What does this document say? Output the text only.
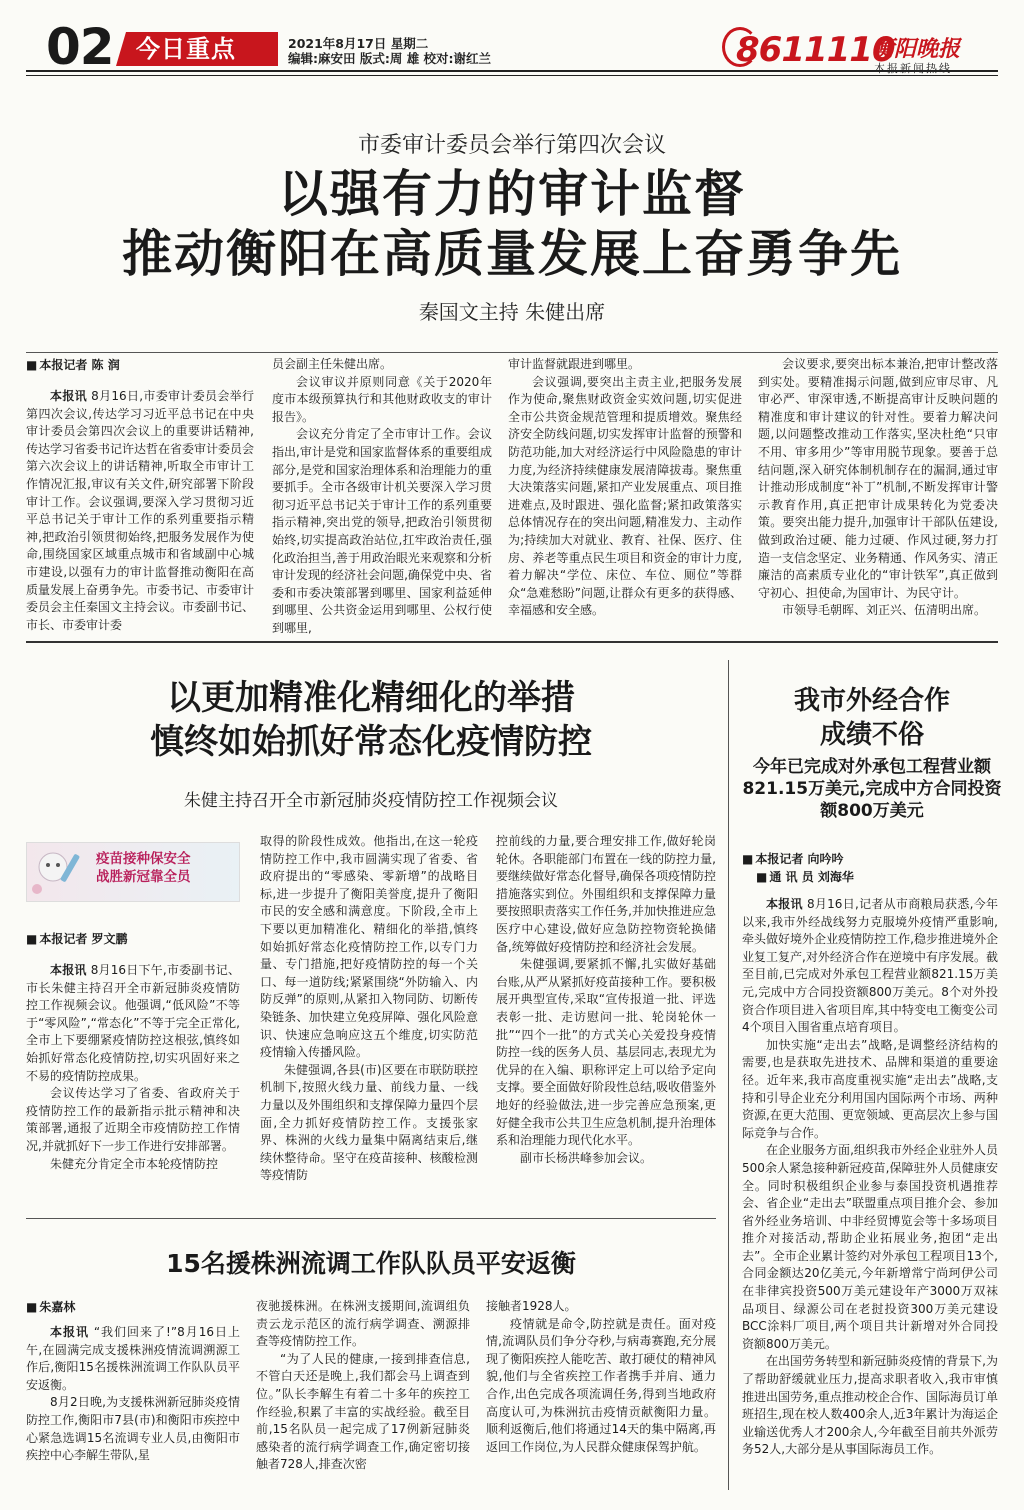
02 今日重点	2021年8月17日 星期二
编辑:麻安田 版式:周 雄 校对:谢红兰	8611110
衡阳晚报
本报新闻热线
市委审计委员会举行第四次会议
以强有力的审计监督
推动衡阳在高质量发展上奋勇争先
秦国文主持 朱健出席
■ 本报记者 陈 润

本报讯 8月16日,市委审计委员会举行第四次会议,传达学习习近平总书记在中央审计委员会第四次会议上的重要讲话精神,传达学习省委书记许达哲在省委审计委员会第六次会议上的讲话精神,听取全市审计工作情况汇报,审议有关文件,研究部署下阶段审计工作。会议强调,要深入学习贯彻习近平总书记关于审计工作的系列重要指示精神,把政治引领贯彻始终,把服务发展作为使命,围绕国家区域重点城市和省域副中心城市建设,以强有力的审计监督推动衡阳在高质量发展上奋勇争先。市委书记、市委审计委员会主任秦国文主持会议。市委副书记、市长、市委审计委

员会副主任朱健出席。

会议审议并原则同意《关于2020年度市本级预算执行和其他财政收支的审计报告》。

会议充分肯定了全市审计工作。会议指出,审计是党和国家监督体系的重要组成部分,是党和国家治理体系和治理能力的重要抓手。全市各级审计机关要深入学习贯彻习近平总书记关于审计工作的系列重要指示精神,突出党的领导,把政治引领贯彻始终,切实提高政治站位,扛牢政治责任,强化政治担当,善于用政治眼光来观察和分析审计发现的经济社会问题,确保党中央、省委和市委决策部署到哪里、国家利益延伸到哪里、公共资金运用到哪里、公权行使到哪里,

审计监督就跟进到哪里。

会议强调,要突出主责主业,把服务发展作为使命,聚焦财政资金实效问题,切实促进全市公共资金规范管理和提质增效。聚焦经济安全防线问题,切实发挥审计监督的预警和防范功能,加大对经济运行中风险隐患的审计力度,为经济持续健康发展清障拔毒。聚焦重大决策落实问题,紧扣产业发展重点、项目推进难点,及时跟进、强化监督;紧扣政策落实总体情况存在的突出问题,精准发力、主动作为;持续加大对就业、教育、社保、医疗、住房、养老等重点民生项目和资金的审计力度,着力解决“学位、床位、车位、厕位”等群众“急难愁盼”问题,让群众有更多的获得感、幸福感和安全感。

会议要求,要突出标本兼治,把审计整改落到实处。要精准揭示问题,做到应审尽审、凡审必严、审深审透,不断提高审计反映问题的精准度和审计建议的针对性。要着力解决问题,以问题整改推动工作落实,坚决杜绝“只审不用、审多用少”等审用脱节现象。要善于总结问题,深入研究体制机制存在的漏洞,通过审计推动形成制度“补丁”机制,不断发挥审计警示教育作用,真正把审计成果转化为党委决策。要突出能力提升,加强审计干部队伍建设,做到政治过硬、能力过硬、作风过硬,努力打造一支信念坚定、业务精通、作风务实、清正廉洁的高素质专业化的“审计铁军”,真正做到守初心、担使命,为国审计、为民守计。

市领导毛朝晖、刘正兴、伍清明出席。

以更加精准化精细化的举措
慎终如始抓好常态化疫情防控
朱健主持召开全市新冠肺炎疫情防控工作视频会议
疫苗接种保安全
战胜新冠靠全员
■ 本报记者 罗文鹏

本报讯 8月16日下午,市委副书记、市长朱健主持召开全市新冠肺炎疫情防控工作视频会议。他强调,“低风险”不等于“零风险”,“常态化”不等于完全正常化,全市上下要绷紧疫情防控这根弦,慎终如始抓好常态化疫情防控,切实巩固好来之不易的疫情防控成果。

会议传达学习了省委、省政府关于疫情防控工作的最新指示批示精神和决策部署,通报了近期全市疫情防控工作情况,并就抓好下一步工作进行安排部署。

朱健充分肯定全市本轮疫情防控

取得的阶段性成效。他指出,在这一轮疫情防控工作中,我市圆满实现了省委、省政府提出的“零感染、零新增”的战略目标,进一步提升了衡阳美誉度,提升了衡阳市民的安全感和满意度。下阶段,全市上下要以更加精准化、精细化的举措,慎终如始抓好常态化疫情防控工作,以专门力量、专门措施,把好疫情防控的每一个关口、每一道防线;紧紧围绕“外防输入、内防反弹”的原则,从紧扣入物同防、切断传染链条、加快建立免疫屏障、强化风险意识、快速应急响应这五个维度,切实防范疫情输入传播风险。

朱健强调,各县(市)区要在市联防联控机制下,按照火线力量、前线力量、一线力量以及外围组织和支撑保障力量四个层面,全力抓好疫情防控工作。支援张家界、株洲的火线力量集中隔离结束后,继续休整待命。坚守在疫苗接种、核酸检测等疫情防

控前线的力量,要合理安排工作,做好轮岗轮休。各职能部门布置在一线的防控力量,要继续做好常态化督导,确保各项疫情防控措施落实到位。外围组织和支撑保障力量要按照职责落实工作任务,并加快推进应急医疗中心建设,做好应急防控物资轮换储备,统筹做好疫情防控和经济社会发展。

朱健强调,要紧抓不懈,扎实做好基础台账,从严从紧抓好疫苗接种工作。要积极展开典型宣传,采取“宣传报道一批、评选表彰一批、走访慰问一批、轮岗轮休一批”“四个一批”的方式关心关爱投身疫情防控一线的医务人员、基层同志,表现尤为优异的在入编、职称评定上可以给予定向支撑。要全面做好阶段性总结,吸收借鉴外地好的经验做法,进一步完善应急预案,更好健全我市公共卫生应急机制,提升治理体系和治理能力现代化水平。

副市长杨洪峰参加会议。

我市外经合作
成绩不俗
今年已完成对外承包工程营业额821.15万美元,完成中方合同投资额800万美元
■ 本报记者 向吟吟
■ 通 讯 员 刘海华

本报讯 8月16日,记者从市商粮局获悉,今年以来,我市外经战线努力克服境外疫情严重影响,牵头做好境外企业疫情防控工作,稳步推进境外企业复工复产,对外经济合作在逆境中有序发展。截至目前,已完成对外承包工程营业额821.15万美元,完成中方合同投资额800万美元。8个对外投资合作项目进入省项目库,其中特变电工衡变公司4个项目入围省重点培育项目。

加快实施“走出去”战略,是调整经济结构的需要,也是获取先进技术、品牌和渠道的重要途径。近年来,我市高度重视实施“走出去”战略,支持和引导企业充分利用国内国际两个市场、两种资源,在更大范围、更宽领域、更高层次上参与国际竞争与合作。

在企业服务方面,组织我市外经企业驻外人员500余人紧急接种新冠疫苗,保障驻外人员健康安全。同时积极组织企业参与泰国投资机遇推荐会、省企业“走出去”联盟重点项目推介会、参加省外经业务培训、中非经贸博览会等十多场项目推介对接活动,帮助企业拓展业务,抱团“走出去”。全市企业累计签约对外承包工程项目13个,合同金额达20亿美元,今年新增常宁尚珂伊公司在非律宾投资500万美元建设年产3000万双袜品项目、绿源公司在老挝投资300万美元建设BCC涂料厂项目,两个项目共计新增对外合同投资额800万美元。

在出国劳务转型和新冠肺炎疫情的背景下,为了帮助舒缓就业压力,提高求职者收入,我市审慎推进出国劳务,重点推动校企合作、国际海员订单班招生,现在校人数400余人,近3年累计为海运企业输送优秀人才200余人,今年截至目前共外派劳务52人,大部分是从事国际海员工作。

15名援株洲流调工作队队员平安返衡
■ 朱嘉林

本报讯 “我们回来了!”8月16日上午,在圆满完成支援株洲疫情流调溯源工作后,衡阳15名援株洲流调工作队队员平安返衡。

8月2日晚,为支援株洲新冠肺炎疫情防控工作,衡阳市7县(市)和衡阳市疾控中心紧急选调15名流调专业人员,由衡阳市疾控中心李解生带队,星

夜驰援株洲。在株洲支援期间,流调组负责云龙示范区的流行病学调查、溯源排查等疫情防控工作。

“为了人民的健康,一接到排查信息,不管白天还是晚上,我们都会马上调查到位。”队长李解生有着二十多年的疾控工作经验,积累了丰富的实战经验。截至目前,15名队员一起完成了17例新冠肺炎感染者的流行病学调查工作,确定密切接触者728人,排查次密

接触者1928人。

疫情就是命令,防控就是责任。面对疫情,流调队员们争分夺秒,与病毒赛跑,充分展现了衡阳疾控人能吃苦、敢打硬仗的精神风貌,他们与全省疾控工作者携手并肩、通力合作,出色完成各项流调任务,得到当地政府高度认可,为株洲抗击疫情贡献衡阳力量。顺利返衡后,他们将通过14天的集中隔离,再返回工作岗位,为人民群众健康保驾护航。
